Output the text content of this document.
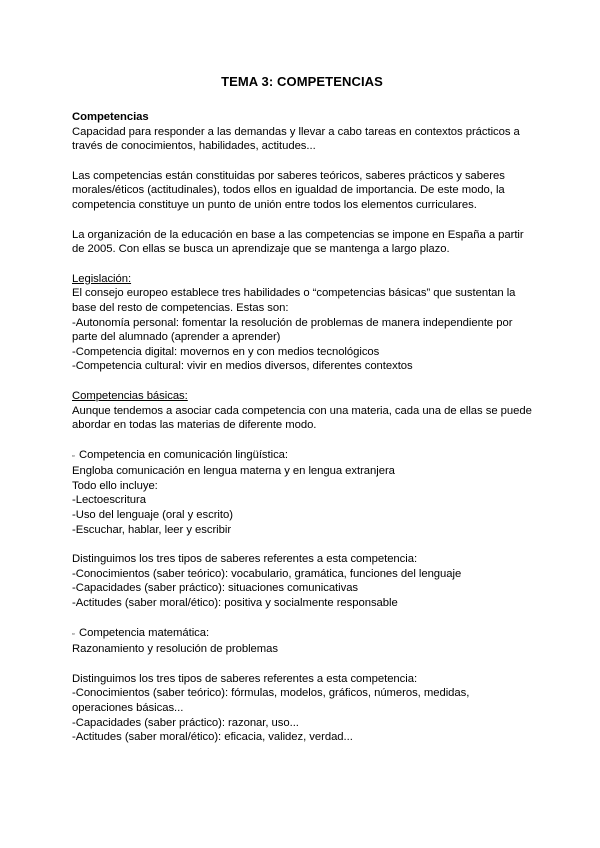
TEMA 3: COMPETENCIAS

Competencias

Capacidad para responder a las demandas y llevar a cabo tareas en contextos prácticos a través de conocimientos, habilidades, actitudes...

Las competencias están constituidas por saberes teóricos, saberes prácticos y saberes morales/éticos (actitudinales), todos ellos en igualdad de importancia. De este modo, la competencia constituye un punto de unión entre todos los elementos curriculares.

La organización de la educación en base a las competencias se impone en España a partir de 2005. Con ellas se busca un aprendizaje que se mantenga a largo plazo.

Legislación:

El consejo europeo establece tres habilidades o “competencias básicas” que sustentan la base del resto de competencias. Estas son:

-Autonomía personal: fomentar la resolución de problemas de manera independiente por parte del alumnado (aprender a aprender)

-Competencia digital: movernos en y con medios tecnológicos

-Competencia cultural: vivir en medios diversos, diferentes contextos

Competencias básicas:

Aunque tendemos a asociar cada competencia con una materia, cada una de ellas se puede abordar en todas las materias de diferente modo.

▫ Competencia en comunicación lingüística:

Engloba comunicación en lengua materna y en lengua extranjera

Todo ello incluye:

-Lectoescritura

-Uso del lenguaje (oral y escrito)

-Escuchar, hablar, leer y escribir

Distinguimos los tres tipos de saberes referentes a esta competencia:

-Conocimientos (saber teórico): vocabulario, gramática, funciones del lenguaje

-Capacidades (saber práctico): situaciones comunicativas

-Actitudes (saber moral/ético): positiva y socialmente responsable

▫ Competencia matemática:

Razonamiento y resolución de problemas

Distinguimos los tres tipos de saberes referentes a esta competencia:

-Conocimientos (saber teórico): fórmulas, modelos, gráficos, números, medidas, operaciones básicas...

-Capacidades (saber práctico): razonar, uso...

-Actitudes (saber moral/ético): eficacia, validez, verdad...
